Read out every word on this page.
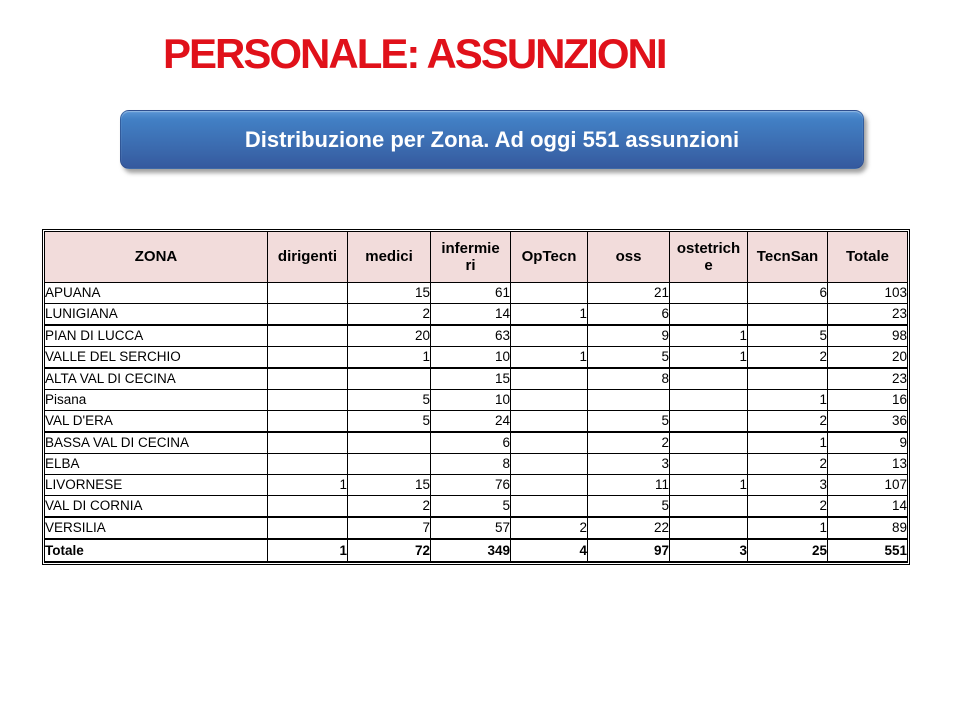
PERSONALE: ASSUNZIONI
Distribuzione per Zona. Ad oggi 551 assunzioni
ZONA	dirigenti	medici	infermieri	OpTecn	oss	ostetriche	TecnSan	Totale
APUANA		15	61		21		6	103
LUNIGIANA		2	14	1	6			23
PIAN DI LUCCA		20	63		9	1	5	98
VALLE DEL SERCHIO		1	10	1	5	1	2	20
ALTA VAL DI CECINA			15		8			23
Pisana		5	10				1	16
VAL D'ERA		5	24		5		2	36
BASSA VAL DI CECINA			6		2		1	9
ELBA			8		3		2	13
LIVORNESE	1	15	76		11	1	3	107
VAL DI CORNIA		2	5		5		2	14
VERSILIA		7	57	2	22		1	89
Totale	1	72	349	4	97	3	25	551
